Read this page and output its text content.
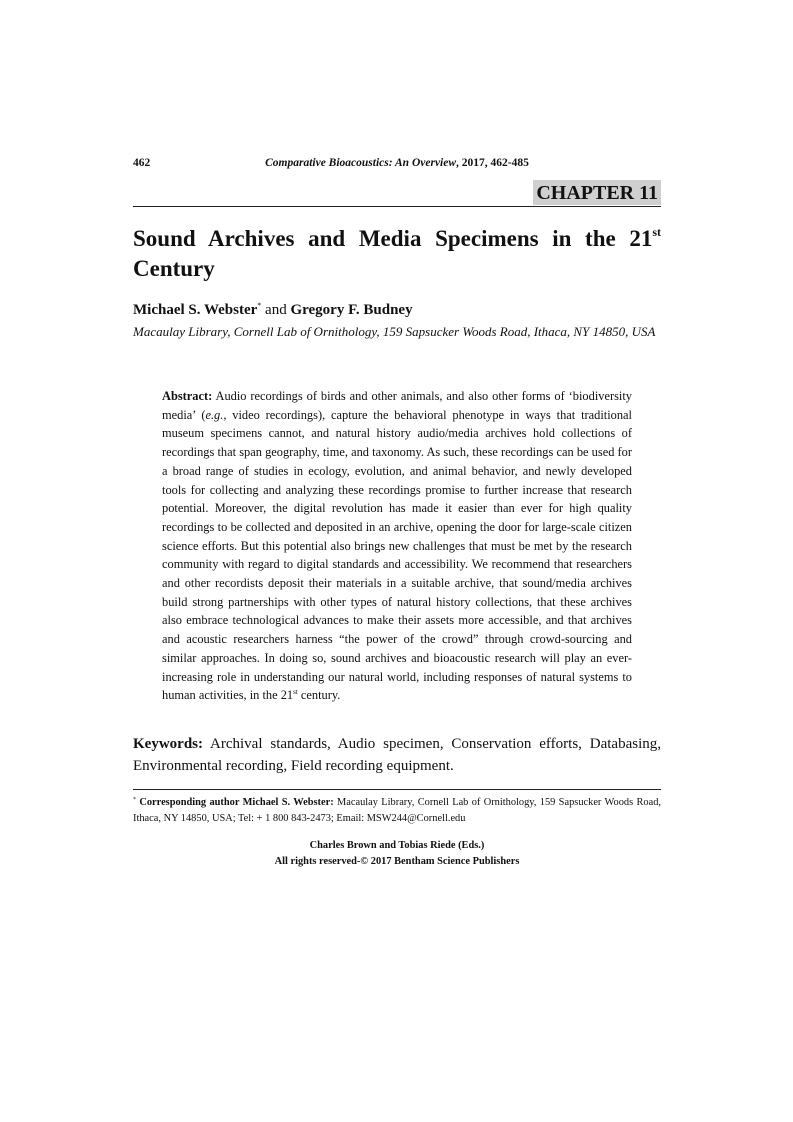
462	Comparative Bioacoustics: An Overview, 2017, 462-485
CHAPTER 11
Sound Archives and Media Specimens in the 21st
Century
Michael S. Webster* and Gregory F. Budney
Macaulay Library, Cornell Lab of Ornithology, 159 Sapsucker Woods Road, Ithaca, NY 14850, USA
Abstract: Audio recordings of birds and other animals, and also other forms of ‘biodiversity media’ (e.g., video recordings), capture the behavioral phenotype in ways that traditional museum specimens cannot, and natural history audio/media archives hold collections of recordings that span geography, time, and taxonomy. As such, these recordings can be used for a broad range of studies in ecology, evolution, and animal behavior, and newly developed tools for collecting and analyzing these recordings promise to further increase that research potential. Moreover, the digital revolution has made it easier than ever for high quality recordings to be collected and deposited in an archive, opening the door for large-scale citizen science efforts. But this potential also brings new challenges that must be met by the research community with regard to digital standards and accessibility. We recommend that researchers and other recordists deposit their materials in a suitable archive, that sound/media archives build strong partnerships with other types of natural history collections, that these archives also embrace technological advances to make their assets more accessible, and that archives and acoustic researchers harness “the power of the crowd” through crowd-sourcing and similar approaches. In doing so, sound archives and bioacoustic research will play an ever-increasing role in understanding our natural world, including responses of natural systems to human activities, in the 21st century.
Keywords: Archival standards, Audio specimen, Conservation efforts, Databasing, Environmental recording, Field recording equipment.
* Corresponding author Michael S. Webster: Macaulay Library, Cornell Lab of Ornithology, 159 Sapsucker Woods Road, Ithaca, NY 14850, USA; Tel: + 1 800 843-2473; Email: MSW244@Cornell.edu
Charles Brown and Tobias Riede (Eds.)
All rights reserved-© 2017 Bentham Science Publishers
